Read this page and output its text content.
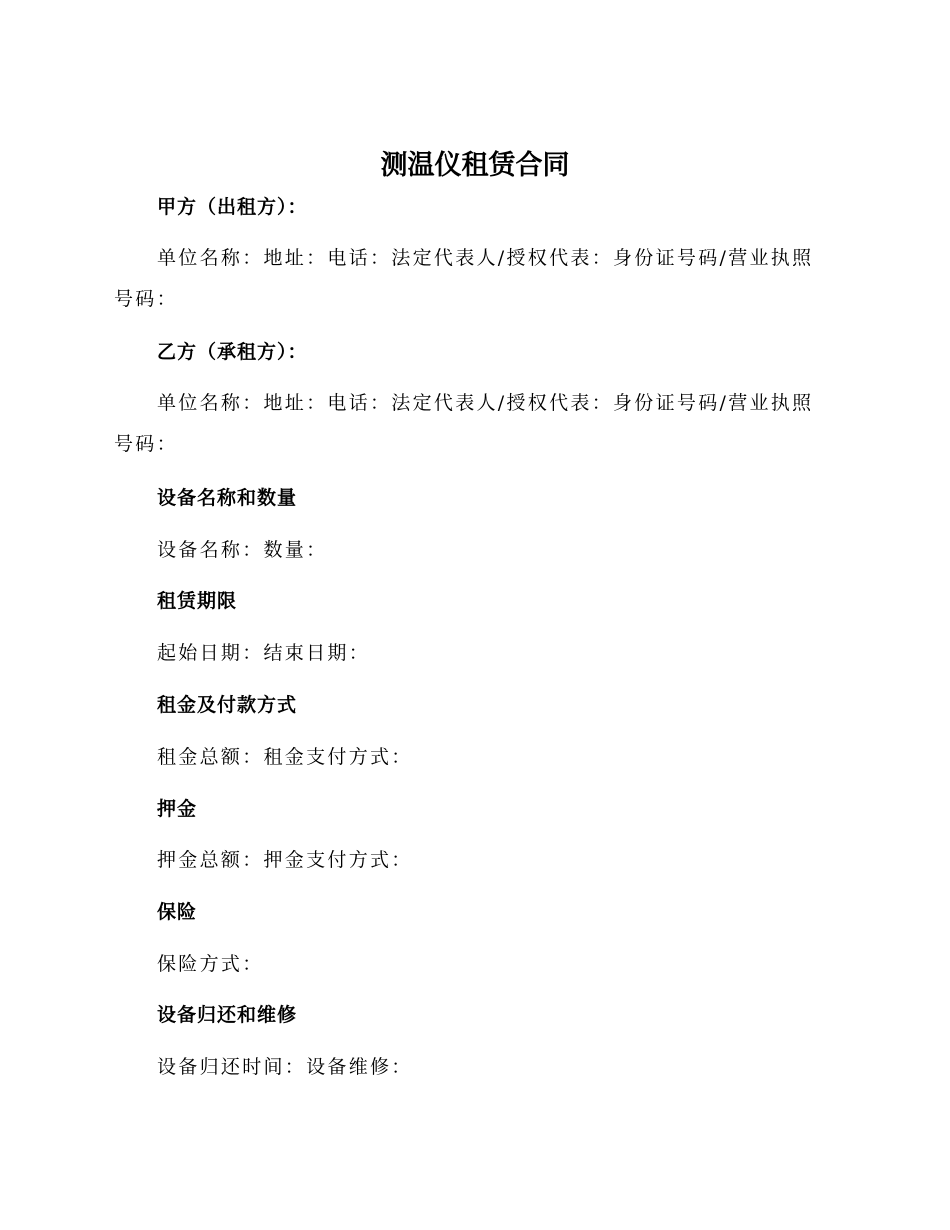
测温仪租赁合同
甲方（出租方）：
单位名称：地址：电话：法定代表人/授权代表：身份证号码/营业执照号码：
乙方（承租方）：
单位名称：地址：电话：法定代表人/授权代表：身份证号码/营业执照号码：
设备名称和数量
设备名称：数量：
租赁期限
起始日期：结束日期：
租金及付款方式
租金总额：租金支付方式：
押金
押金总额：押金支付方式：
保险
保险方式：
设备归还和维修
设备归还时间：设备维修：
